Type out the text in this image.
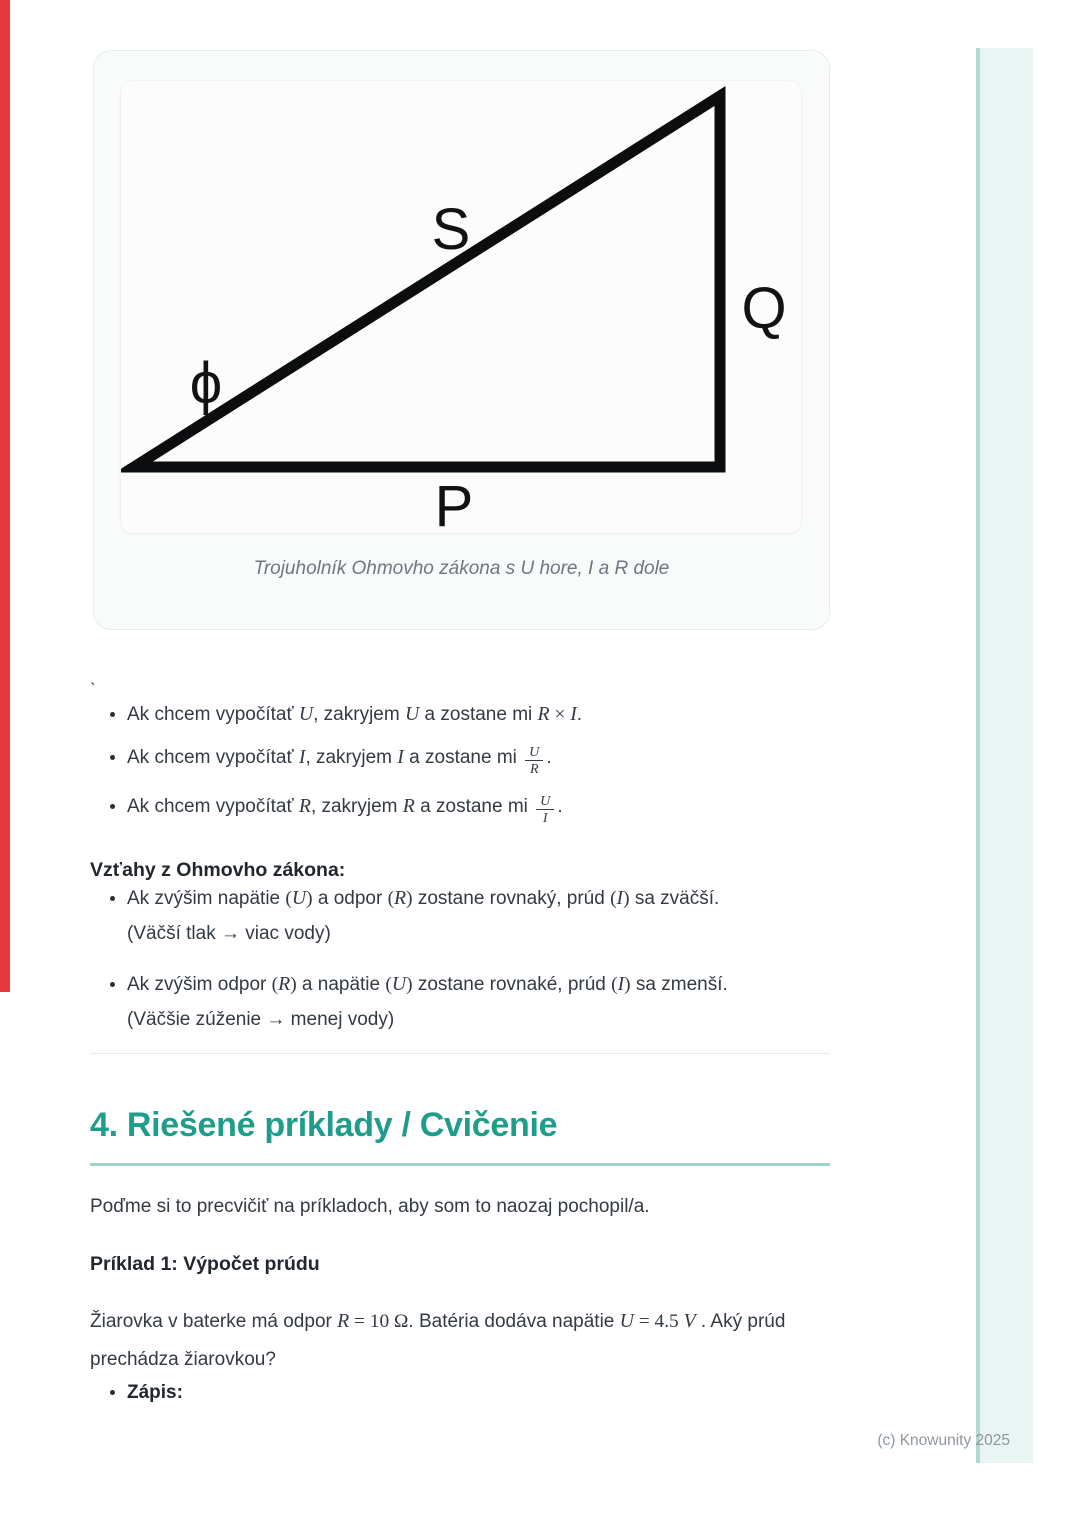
S
Q
ϕ
P
Trojuholník Ohmovho zákona s U hore, I a R dole
`
• Ak chcem vypočítať U, zakryjem U a zostane mi R × I.
• Ak chcem vypočítať I, zakryjem I a zostane mi $\frac{U}{R}$ .
• Ak chcem vypočítať R, zakryjem R a zostane mi $\frac{U}{I}$ .
Vzťahy z Ohmovho zákona:
• Ak zvýšim napätie (U) a odpor (R) zostane rovnaký, prúd (I) sa zväčší.
(Väčší tlak → viac vody)
• Ak zvýšim odpor (R) a napätie (U) zostane rovnaké, prúd (I) sa zmenší.
(Väčšie zúženie → menej vody)
4. Riešené príklady / Cvičenie

Poďme si to precvičiť na príkladoch, aby som to naozaj pochopil/a.

Príklad 1: Výpočet prúdu

Žiarovka v baterke má odpor R = 10 Ω. Batéria dodáva napätie U = 4.5 V . Aký prúd prechádza žiarovkou?

• Zápis:
(c) Knowunity 2025
